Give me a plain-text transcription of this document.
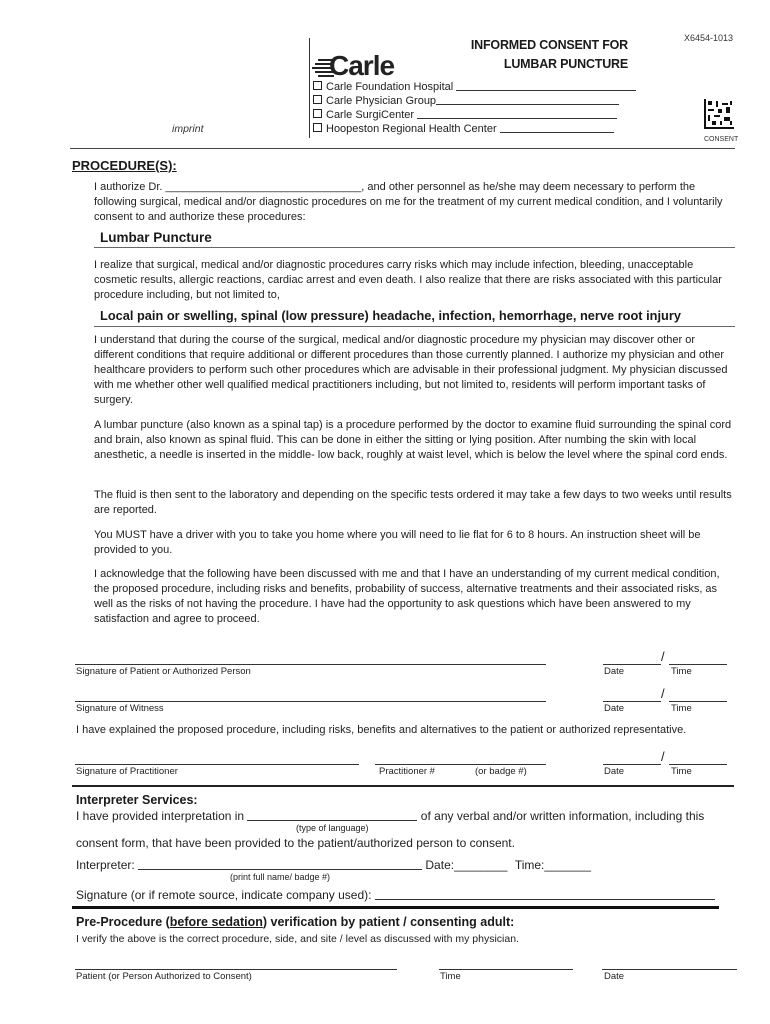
X6454-1013
INFORMED CONSENT FOR
LUMBAR PUNCTURE
Carle
Carle Foundation Hospital
Carle Physician Group
Carle SurgiCenter
Hoopeston Regional Health Center
imprint
CONSENT
PROCEDURE(S):
I authorize Dr. ________________________________, and other personnel as he/she may deem necessary to perform the following surgical, medical and/or diagnostic procedures on me for the treatment of my current medical condition, and I voluntarily consent to and authorize these procedures:
Lumbar Puncture
I realize that surgical, medical and/or diagnostic procedures carry risks which may include infection, bleeding, unacceptable cosmetic results, allergic reactions, cardiac arrest and even death. I also realize that there are risks associated with this particular procedure including, but not limited to,
Local pain or swelling, spinal (low pressure) headache, infection, hemorrhage, nerve root injury
I understand that during the course of the surgical, medical and/or diagnostic procedure my physician may discover other or different conditions that require additional or different procedures than those currently planned. I authorize my physician and other healthcare providers to perform such other procedures which are advisable in their professional judgment. My physician discussed with me whether other well qualified medical practitioners including, but not limited to, residents will perform important tasks of surgery.
A lumbar puncture (also known as a spinal tap) is a procedure performed by the doctor to examine fluid surrounding the spinal cord and brain, also known as spinal fluid. This can be done in either the sitting or lying position. After numbing the skin with local anesthetic, a needle is inserted in the middle- low back, roughly at waist level, which is below the level where the spinal cord ends.
The fluid is then sent to the laboratory and depending on the specific tests ordered it may take a few days to two weeks until results are reported.
You MUST have a driver with you to take you home where you will need to lie flat for 6 to 8 hours. An instruction sheet will be provided to you.
I acknowledge that the following have been discussed with me and that I have an understanding of my current medical condition, the proposed procedure, including risks and benefits, probability of success, alternative treatments and their associated risks, as well as the risks of not having the procedure. I have had the opportunity to ask questions which have been answered to my satisfaction and agree to proceed.
Signature of Patient or Authorized Person
/
Date	Time
Signature of Witness
/
Date	Time
I have explained the proposed procedure, including risks, benefits and alternatives to the patient or authorized representative.
Signature of Practitioner	Practitioner #	(or badge #)
/
Date	Time
Interpreter Services:
I have provided interpretation in	of any verbal and/or written information, including this
(type of language)
consent form, that have been provided to the patient/authorized person to consent.
Interpreter:	Date:________ Time:_______
(print full name/ badge #)
Signature (or if remote source, indicate company used):
Pre-Procedure (before sedation) verification by patient / consenting adult:
I verify the above is the correct procedure, side, and site / level as discussed with my physician.
Patient (or Person Authorized to Consent)	Time	Date
